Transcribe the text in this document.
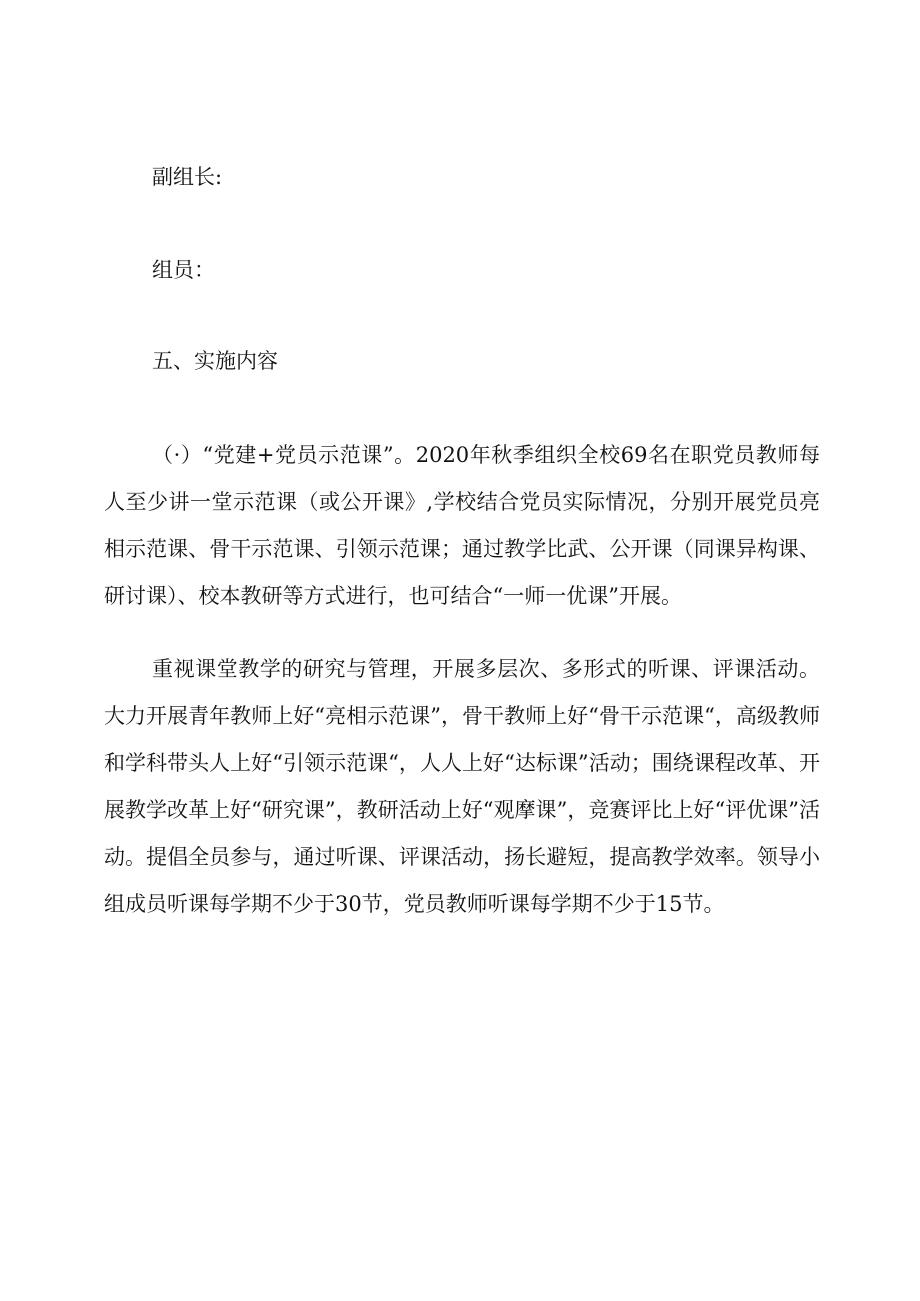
副组长:
组员：
五、实施内容

（·）“党建+党员示范课”。2020年秋季组织全校69名在职党员教师每人至少讲一堂示范课（或公开课》,学校结合党员实际情况，分别开展党员亮相示范课、骨干示范课、引领示范课；通过教学比武、公开课（同课异构课、研讨课）、校本教研等方式进行，也可结合“一师一优课”开展。

重视课堂教学的研究与管理，开展多层次、多形式的听课、评课活动。大力开展青年教师上好“亮相示范课”，骨干教师上好“骨干示范课“，高级教师和学科带头人上好“引领示范课“，人人上好“达标课”活动；围绕课程改革、开展教学改革上好“研究课”，教研活动上好“观摩课”，竞赛评比上好“评优课”活动。提倡全员参与，通过听课、评课活动，扬长避短，提高教学效率。领导小组成员听课每学期不少于30节，党员教师听课每学期不少于15节。
